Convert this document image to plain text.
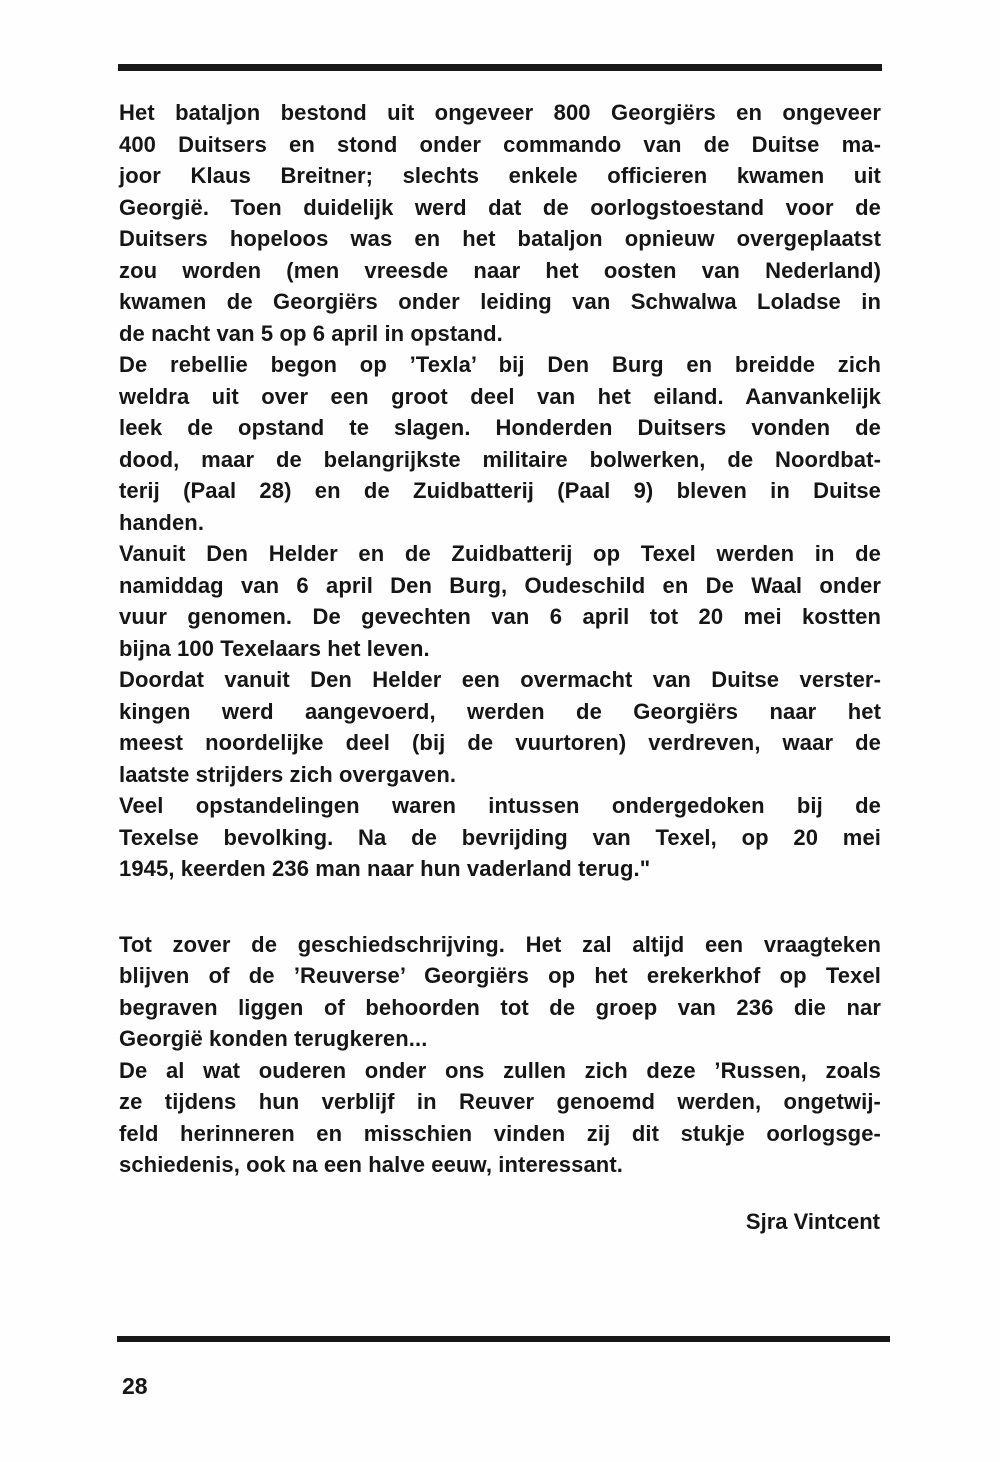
Het bataljon bestond uit ongeveer 800 Georgiërs en ongeveer
400 Duitsers en stond onder commando van de Duitse ma-
joor Klaus Breitner; slechts enkele officieren kwamen uit
Georgië. Toen duidelijk werd dat de oorlogstoestand voor de
Duitsers hopeloos was en het bataljon opnieuw overgeplaatst
zou worden (men vreesde naar het oosten van Nederland)
kwamen de Georgiërs onder leiding van Schwalwa Loladse in
de nacht van 5 op 6 april in opstand.
De rebellie begon op ’Texla’ bij Den Burg en breidde zich
weldra uit over een groot deel van het eiland. Aanvankelijk
leek de opstand te slagen. Honderden Duitsers vonden de
dood, maar de belangrijkste militaire bolwerken, de Noordbat-
terij (Paal 28) en de Zuidbatterij (Paal 9) bleven in Duitse
handen.
Vanuit Den Helder en de Zuidbatterij op Texel werden in de
namiddag van 6 april Den Burg, Oudeschild en De Waal onder
vuur genomen. De gevechten van 6 april tot 20 mei kostten
bijna 100 Texelaars het leven.
Doordat vanuit Den Helder een overmacht van Duitse verster-
kingen werd aangevoerd, werden de Georgiërs naar het
meest noordelijke deel (bij de vuurtoren) verdreven, waar de
laatste strijders zich overgaven.
Veel opstandelingen waren intussen ondergedoken bij de
Texelse bevolking. Na de bevrijding van Texel, op 20 mei
1945, keerden 236 man naar hun vaderland terug."
Tot zover de geschiedschrijving. Het zal altijd een vraagteken
blijven of de ’Reuverse’ Georgiërs op het erekerkhof op Texel
begraven liggen of behoorden tot de groep van 236 die nar
Georgië konden terugkeren...
De al wat ouderen onder ons zullen zich deze ’Russen, zoals
ze tijdens hun verblijf in Reuver genoemd werden, ongetwij-
feld herinneren en misschien vinden zij dit stukje oorlogsge-
schiedenis, ook na een halve eeuw, interessant.
Sjra Vintcent
28
